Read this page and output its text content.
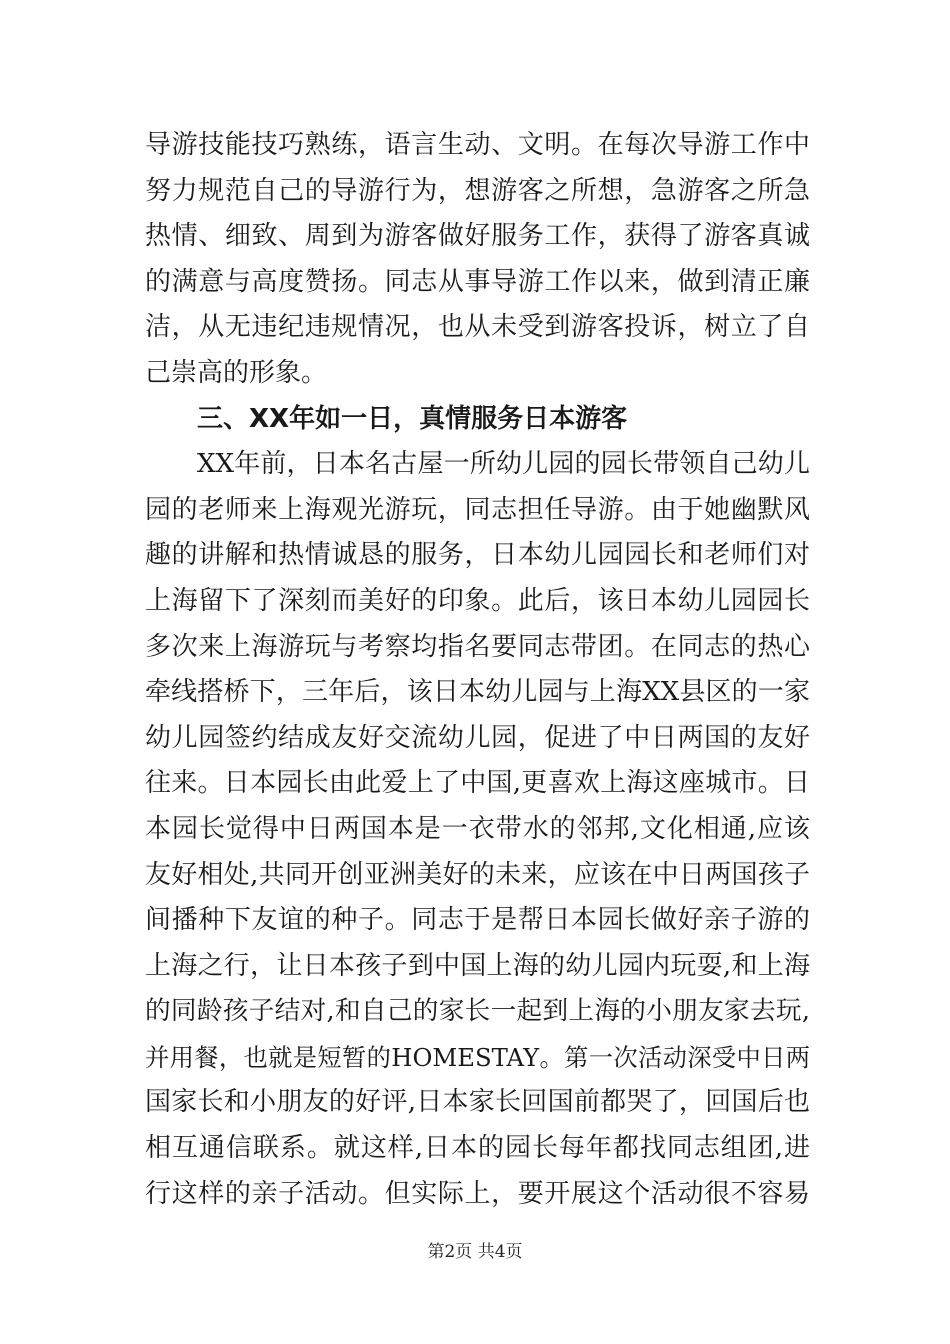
导游技能技巧熟练，语言生动、文明。在每次导游工作中
努力规范自己的导游行为，想游客之所想，急游客之所急
热情、细致、周到为游客做好服务工作，获得了游客真诚
的满意与高度赞扬。同志从事导游工作以来，做到清正廉
洁，从无违纪违规情况，也从未受到游客投诉，树立了自
己崇高的形象。
三、XX年如一日，真情服务日本游客
XX年前，日本名古屋一所幼儿园的园长带领自己幼儿
园的老师来上海观光游玩，同志担任导游。由于她幽默风
趣的讲解和热情诚恳的服务，日本幼儿园园长和老师们对
上海留下了深刻而美好的印象。此后，该日本幼儿园园长
多次来上海游玩与考察均指名要同志带团。在同志的热心
牵线搭桥下，三年后，该日本幼儿园与上海XX县区的一家
幼儿园签约结成友好交流幼儿园，促进了中日两国的友好
往来。日本园长由此爱上了中国,更喜欢上海这座城市。日
本园长觉得中日两国本是一衣带水的邻邦,文化相通,应该
友好相处,共同开创亚洲美好的未来，应该在中日两国孩子
间播种下友谊的种子。同志于是帮日本园长做好亲子游的
上海之行，让日本孩子到中国上海的幼儿园内玩耍,和上海
的同龄孩子结对,和自己的家长一起到上海的小朋友家去玩,
并用餐，也就是短暂的HOMESTAY。第一次活动深受中日两
国家长和小朋友的好评,日本家长回国前都哭了，回国后也
相互通信联系。就这样,日本的园长每年都找同志组团,进
行这样的亲子活动。但实际上，要开展这个活动很不容易
第2页 共4页
